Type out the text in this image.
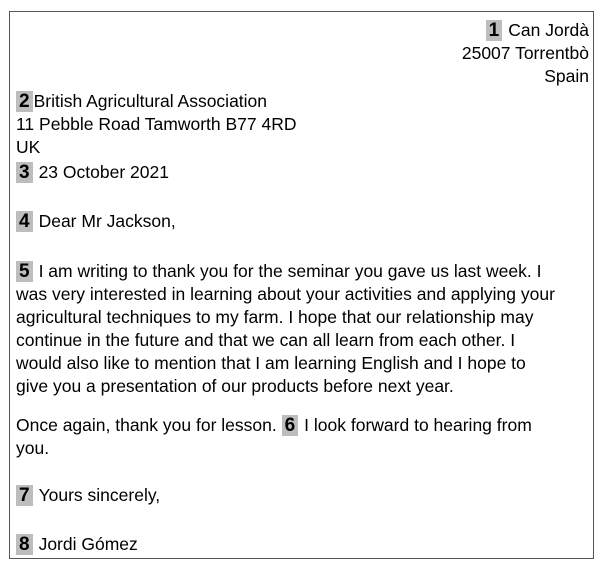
1 Can Jordà
25007 Torrentbò
Spain
2 British Agricultural Association
11 Pebble Road Tamworth B77 4RD
UK
3 23 October 2021
4 Dear Mr Jackson,
5 I am writing to thank you for the seminar you gave us last week. I
was very interested in learning about your activities and applying your
agricultural techniques to my farm. I hope that our relationship may
continue in the future and that we can all learn from each other. I
would also like to mention that I am learning English and I hope to
give you a presentation of our products before next year.
Once again, thank you for lesson. 6 I look forward to hearing from
you.
7 Yours sincerely,
8 Jordi Gómez
